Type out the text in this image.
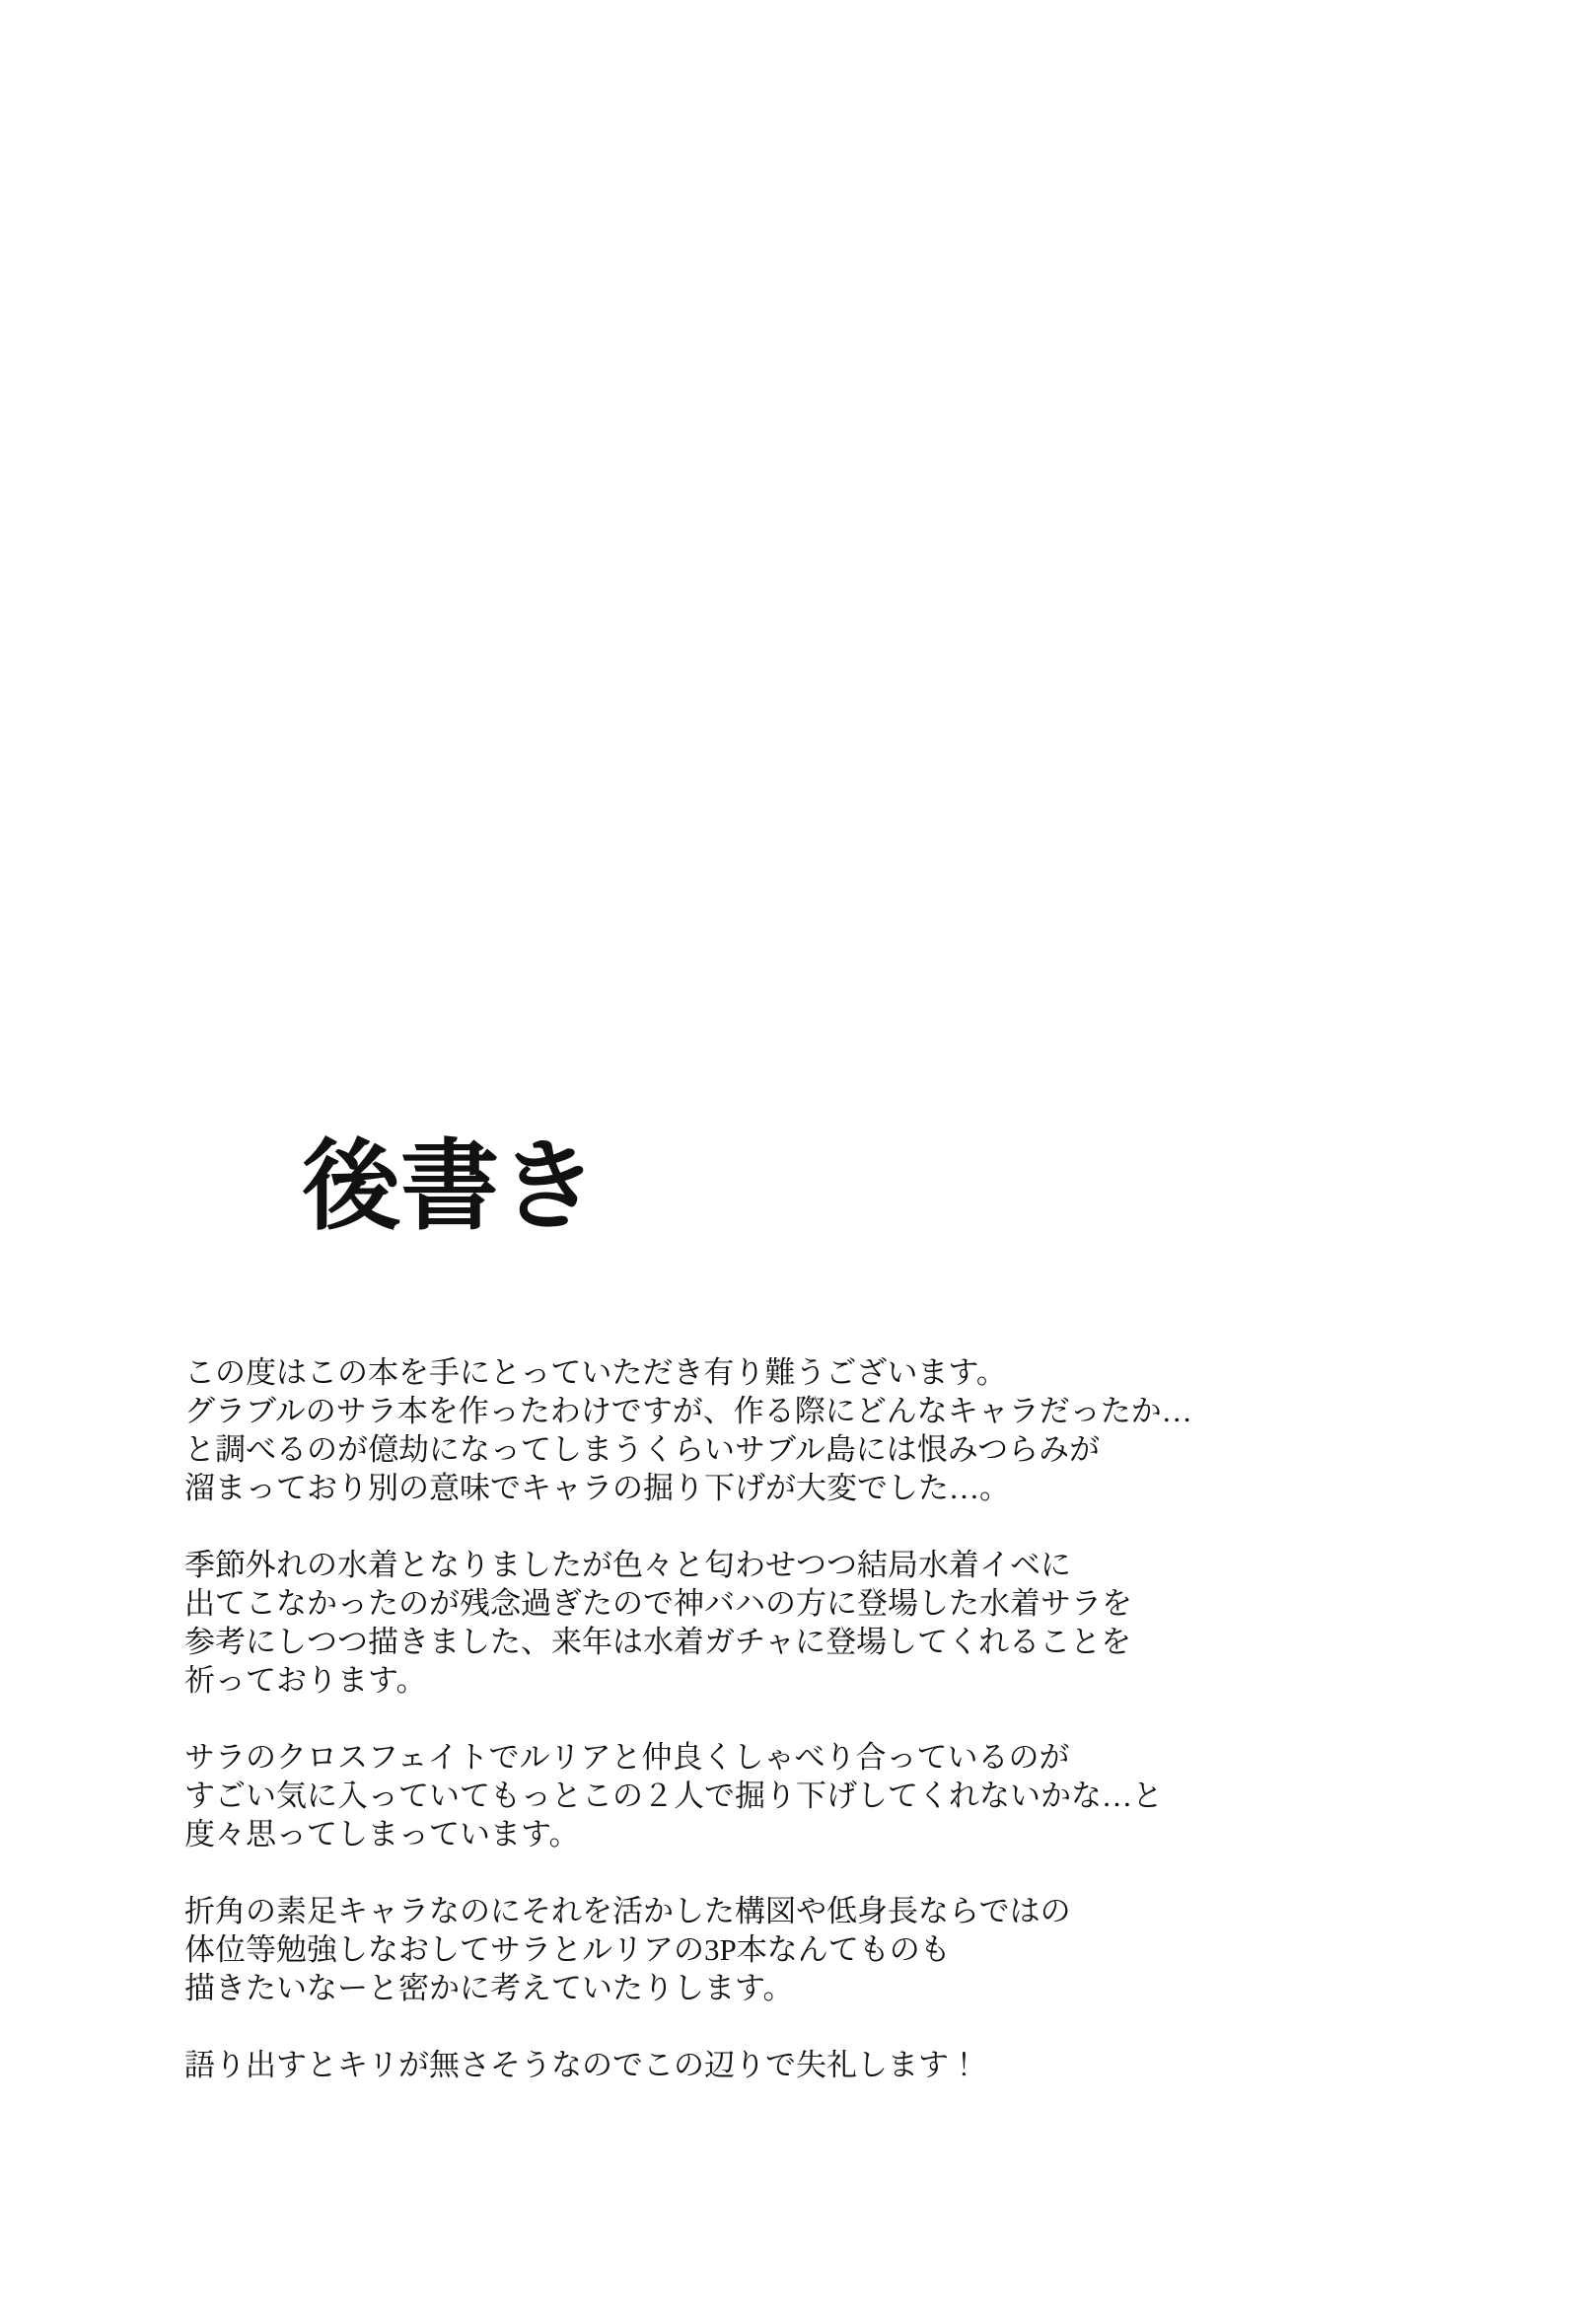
後書き

この度はこの本を手にとっていただき有り難うございます。
グラブルのサラ本を作ったわけですが、作る際にどんなキャラだったか…
と調べるのが億劫になってしまうくらいサブル島には恨みつらみが
溜まっており別の意味でキャラの掘り下げが大変でした…。

季節外れの水着となりましたが色々と匂わせつつ結局水着イベに
出てこなかったのが残念過ぎたので神バハの方に登場した水着サラを
参考にしつつ描きました、来年は水着ガチャに登場してくれることを
祈っております。

サラのクロスフェイトでルリアと仲良くしゃべり合っているのが
すごい気に入っていてもっとこの２人で掘り下げしてくれないかな…と
度々思ってしまっています。

折角の素足キャラなのにそれを活かした構図や低身長ならではの
体位等勉強しなおしてサラとルリアの3P本なんてものも
描きたいなーと密かに考えていたりします。

語り出すとキリが無さそうなのでこの辺りで失礼します！
